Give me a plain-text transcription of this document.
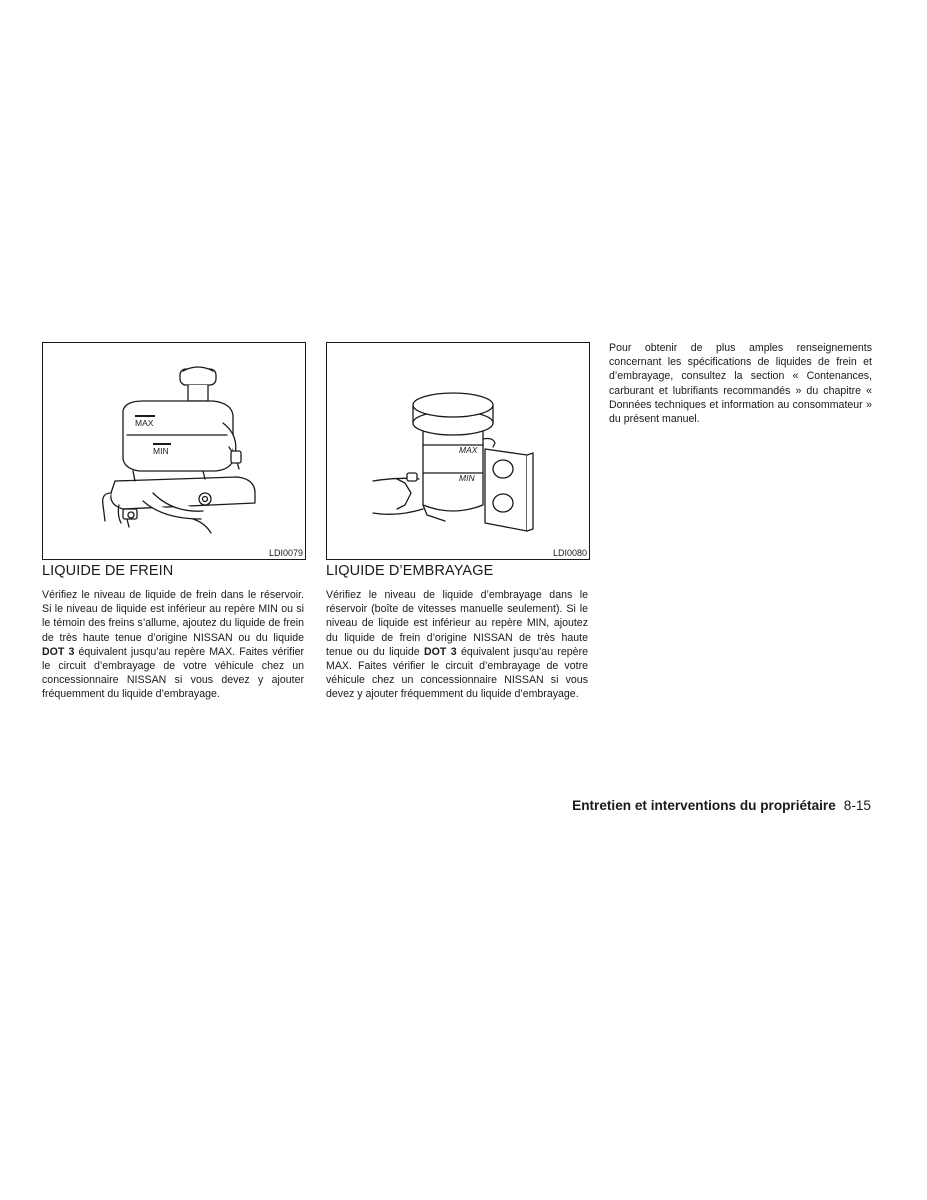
MAX
MIN
LDI0079
MAX
MIN
LDI0080
LIQUIDE DE FREIN

Vérifiez le niveau de liquide de frein dans le réservoir. Si le niveau de liquide est inférieur au repère MIN ou si le témoin des freins s’allume, ajoutez du liquide de frein de très haute tenue d’origine NISSAN ou du liquide DOT 3 équivalent jusqu’au repère MAX. Faites vérifier le circuit d’embrayage de votre véhicule chez un concessionnaire NISSAN si vous devez y ajouter fréquemment du liquide d’embrayage.

LIQUIDE D’EMBRAYAGE

Vérifiez le niveau de liquide d’embrayage dans le réservoir (boîte de vitesses manuelle seulement). Si le niveau de liquide est inférieur au repère MIN, ajoutez du liquide de frein d’origine NISSAN de très haute tenue ou du liquide DOT 3 équivalent jusqu’au repère MAX. Faites vérifier le circuit d’embrayage de votre véhicule chez un concessionnaire NISSAN si vous devez y ajouter fréquemment du liquide d’embrayage.

Pour obtenir de plus amples renseignements concernant les spécifications de liquides de frein et d’embrayage, consultez la section « Contenances, carburant et lubrifiants recommandés » du chapitre « Données techniques et information au consommateur » du présent manuel.

Entretien et interventions du propriétaire 8-15
